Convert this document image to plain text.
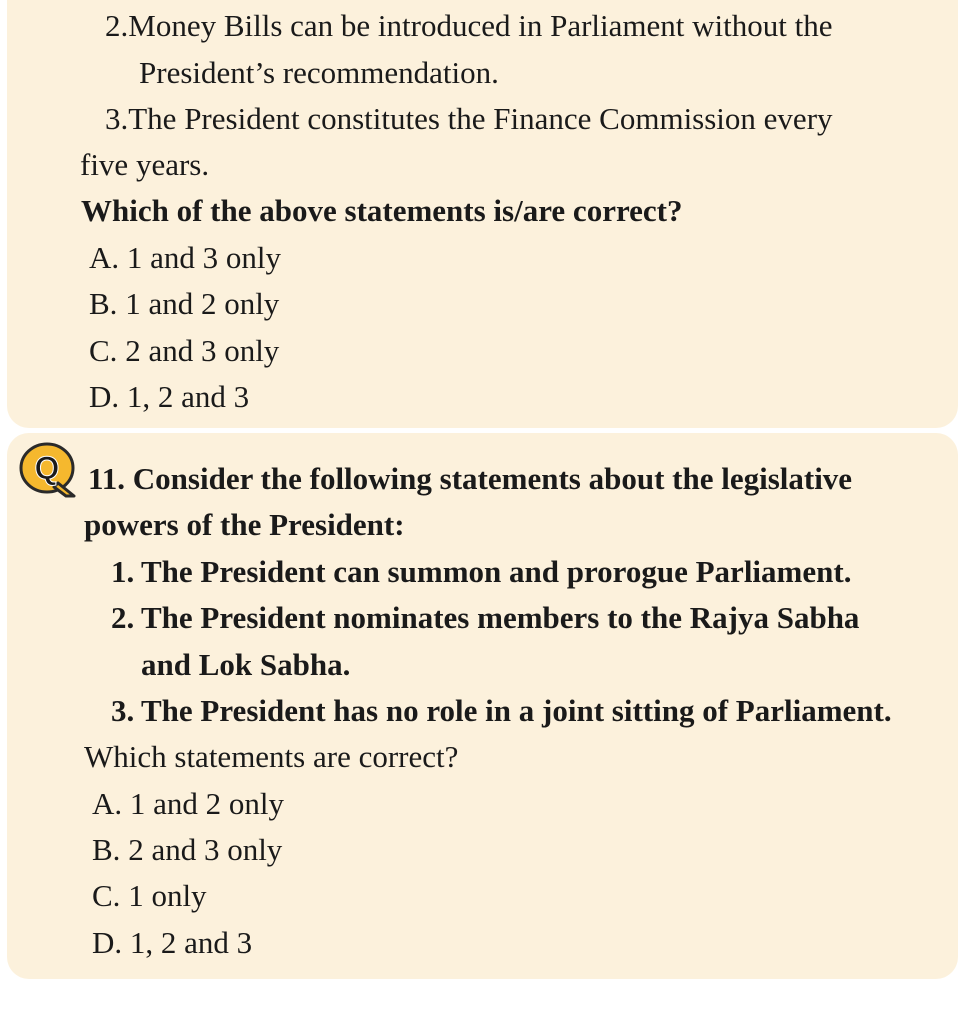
2.Money Bills can be introduced in Parliament without the
President’s recommendation.
3.The President constitutes the Finance Commission every
five years.
Which of the above statements is/are correct?
A. 1 and 3 only
B. 1 and 2 only
C. 2 and 3 only
D. 1, 2 and 3
Q 11. Consider the following statements about the legislative
powers of the President:
1. The President can summon and prorogue Parliament.
2. The President nominates members to the Rajya Sabha
and Lok Sabha.
3. The President has no role in a joint sitting of Parliament.
Which statements are correct?
A. 1 and 2 only
B. 2 and 3 only
C. 1 only
D. 1, 2 and 3
